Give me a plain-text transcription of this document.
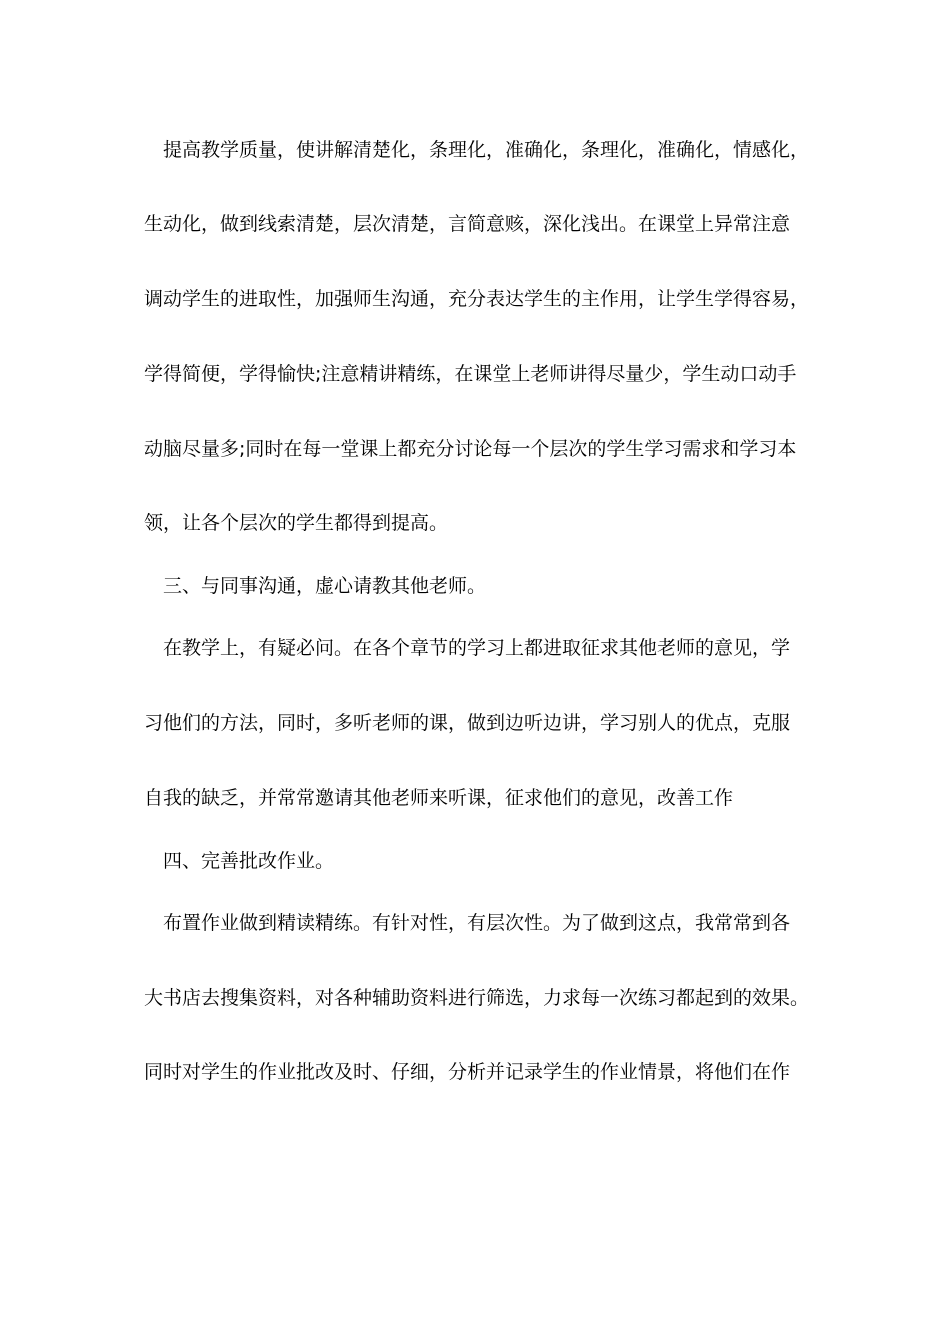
提高教学质量，使讲解清楚化，条理化，准确化，条理化，准确化，情感化，
生动化，做到线索清楚，层次清楚，言简意赅，深化浅出。在课堂上异常注意
调动学生的进取性，加强师生沟通，充分表达学生的主作用，让学生学得容易，
学得简便，学得愉快;注意精讲精练，在课堂上老师讲得尽量少，学生动口动手
动脑尽量多;同时在每一堂课上都充分讨论每一个层次的学生学习需求和学习本
领，让各个层次的学生都得到提高。
三、与同事沟通，虚心请教其他老师。
在教学上，有疑必问。在各个章节的学习上都进取征求其他老师的意见，学
习他们的方法，同时，多听老师的课，做到边听边讲，学习别人的优点，克服
自我的缺乏，并常常邀请其他老师来听课，征求他们的意见，改善工作
四、完善批改作业。
布置作业做到精读精练。有针对性，有层次性。为了做到这点，我常常到各
大书店去搜集资料，对各种辅助资料进行筛选，力求每一次练习都起到的效果。
同时对学生的作业批改及时、仔细，分析并记录学生的作业情景，将他们在作
